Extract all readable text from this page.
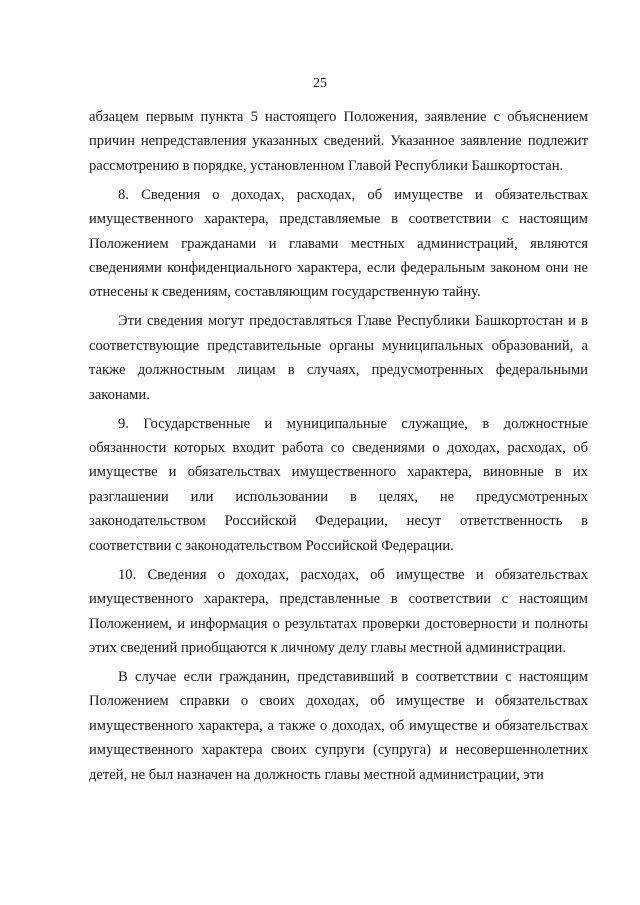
25

абзацем первым пункта 5 настоящего Положения, заявление с объяснением причин непредставления указанных сведений. Указанное заявление подлежит рассмотрению в порядке, установленном Главой Республики Башкортостан.

8. Сведения о доходах, расходах, об имуществе и обязательствах имущественного характера, представляемые в соответствии с настоящим Положением гражданами и главами местных администраций, являются сведениями конфиденциального характера, если федеральным законом они не отнесены к сведениям, составляющим государственную тайну.

Эти сведения могут предоставляться Главе Республики Башкортостан и в соответствующие представительные органы муниципальных образований, а также должностным лицам в случаях, предусмотренных федеральными законами.

9. Государственные и муниципальные служащие, в должностные обязанности которых входит работа со сведениями о доходах, расходах, об имуществе и обязательствах имущественного характера, виновные в их разглашении или использовании в целях, не предусмотренных законодательством Российской Федерации, несут ответственность в соответствии с законодательством Российской Федерации.

10. Сведения о доходах, расходах, об имуществе и обязательствах имущественного характера, представленные в соответствии с настоящим Положением, и информация о результатах проверки достоверности и полноты этих сведений приобщаются к личному делу главы местной администрации.

В случае если гражданин, представивший в соответствии с настоящим Положением справки о своих доходах, об имуществе и обязательствах имущественного характера, а также о доходах, об имуществе и обязательствах имущественного характера своих супруги (супруга) и несовершеннолетних детей, не был назначен на должность главы местной администрации, эти
